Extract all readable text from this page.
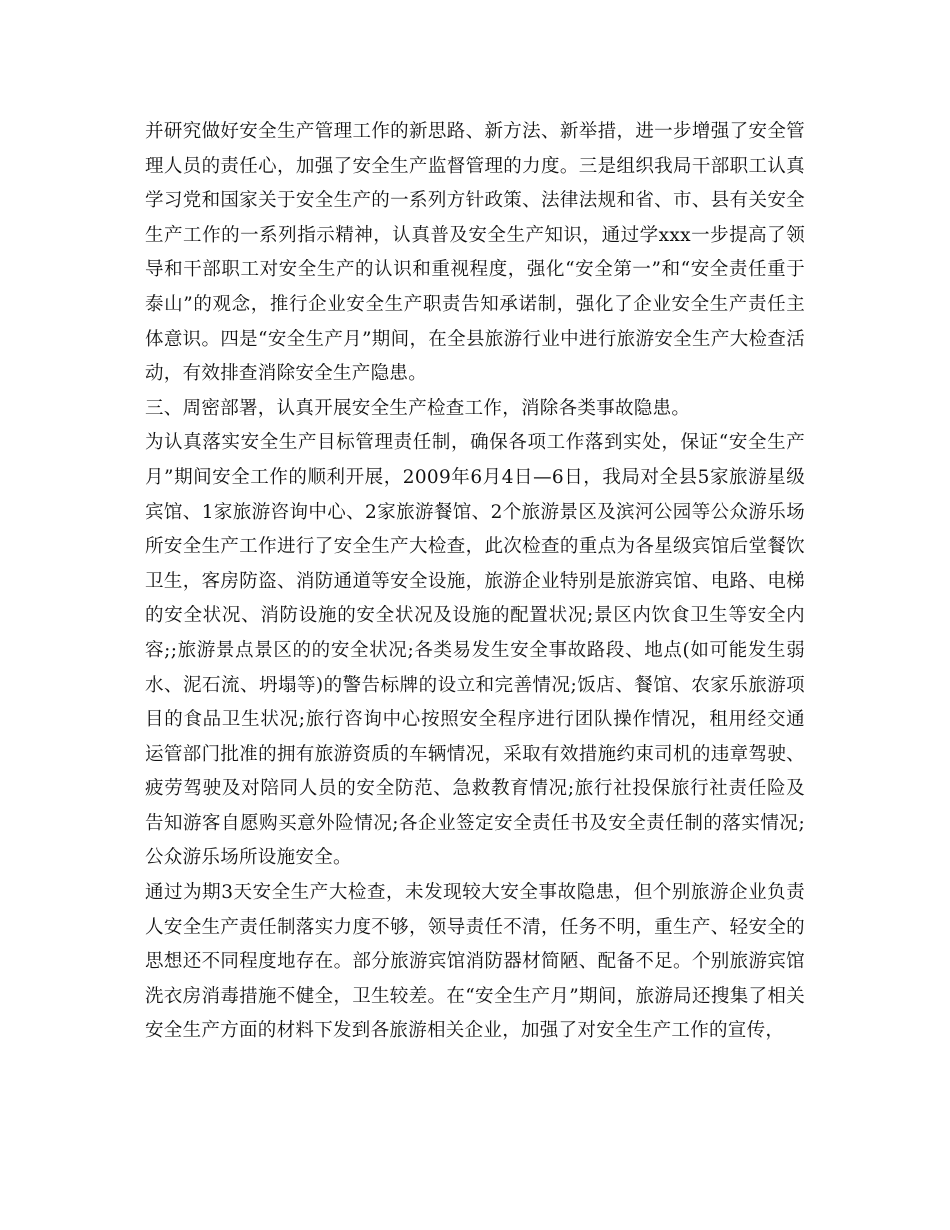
并研究做好安全生产管理工作的新思路、新方法、新举措，进一步增强了安全管理人员的责任心，加强了安全生产监督管理的力度。三是组织我局干部职工认真学习党和国家关于安全生产的一系列方针政策、法律法规和省、市、县有关安全生产工作的一系列指示精神，认真普及安全生产知识，通过学xxx一步提高了领导和干部职工对安全生产的认识和重视程度，强化“安全第一”和“安全责任重于泰山”的观念，推行企业安全生产职责告知承诺制，强化了企业安全生产责任主体意识。四是“安全生产月”期间，在全县旅游行业中进行旅游安全生产大检查活动，有效排查消除安全生产隐患。

三、周密部署，认真开展安全生产检查工作，消除各类事故隐患。

为认真落实安全生产目标管理责任制，确保各项工作落到实处，保证“安全生产月”期间安全工作的顺利开展，2009年6月4日—6日，我局对全县5家旅游星级宾馆、1家旅游咨询中心、2家旅游餐馆、2个旅游景区及滨河公园等公众游乐场所安全生产工作进行了安全生产大检查，此次检查的重点为各星级宾馆后堂餐饮卫生，客房防盗、消防通道等安全设施，旅游企业特别是旅游宾馆、电路、电梯的安全状况、消防设施的安全状况及设施的配置状况;景区内饮食卫生等安全内容;;旅游景点景区的的安全状况;各类易发生安全事故路段、地点(如可能发生弱水、泥石流、坍塌等)的警告标牌的设立和完善情况;饭店、餐馆、农家乐旅游项目的食品卫生状况;旅行咨询中心按照安全程序进行团队操作情况，租用经交通运管部门批准的拥有旅游资质的车辆情况，采取有效措施约束司机的违章驾驶、疲劳驾驶及对陪同人员的安全防范、急救教育情况;旅行社投保旅行社责任险及告知游客自愿购买意外险情况;各企业签定安全责任书及安全责任制的落实情况;公众游乐场所设施安全。

通过为期3天安全生产大检查，未发现较大安全事故隐患，但个别旅游企业负责人安全生产责任制落实力度不够，领导责任不清，任务不明，重生产、轻安全的思想还不同程度地存在。部分旅游宾馆消防器材简陋、配备不足。个别旅游宾馆洗衣房消毒措施不健全，卫生较差。在“安全生产月”期间，旅游局还搜集了相关安全生产方面的材料下发到各旅游相关企业，加强了对安全生产工作的宣传，
